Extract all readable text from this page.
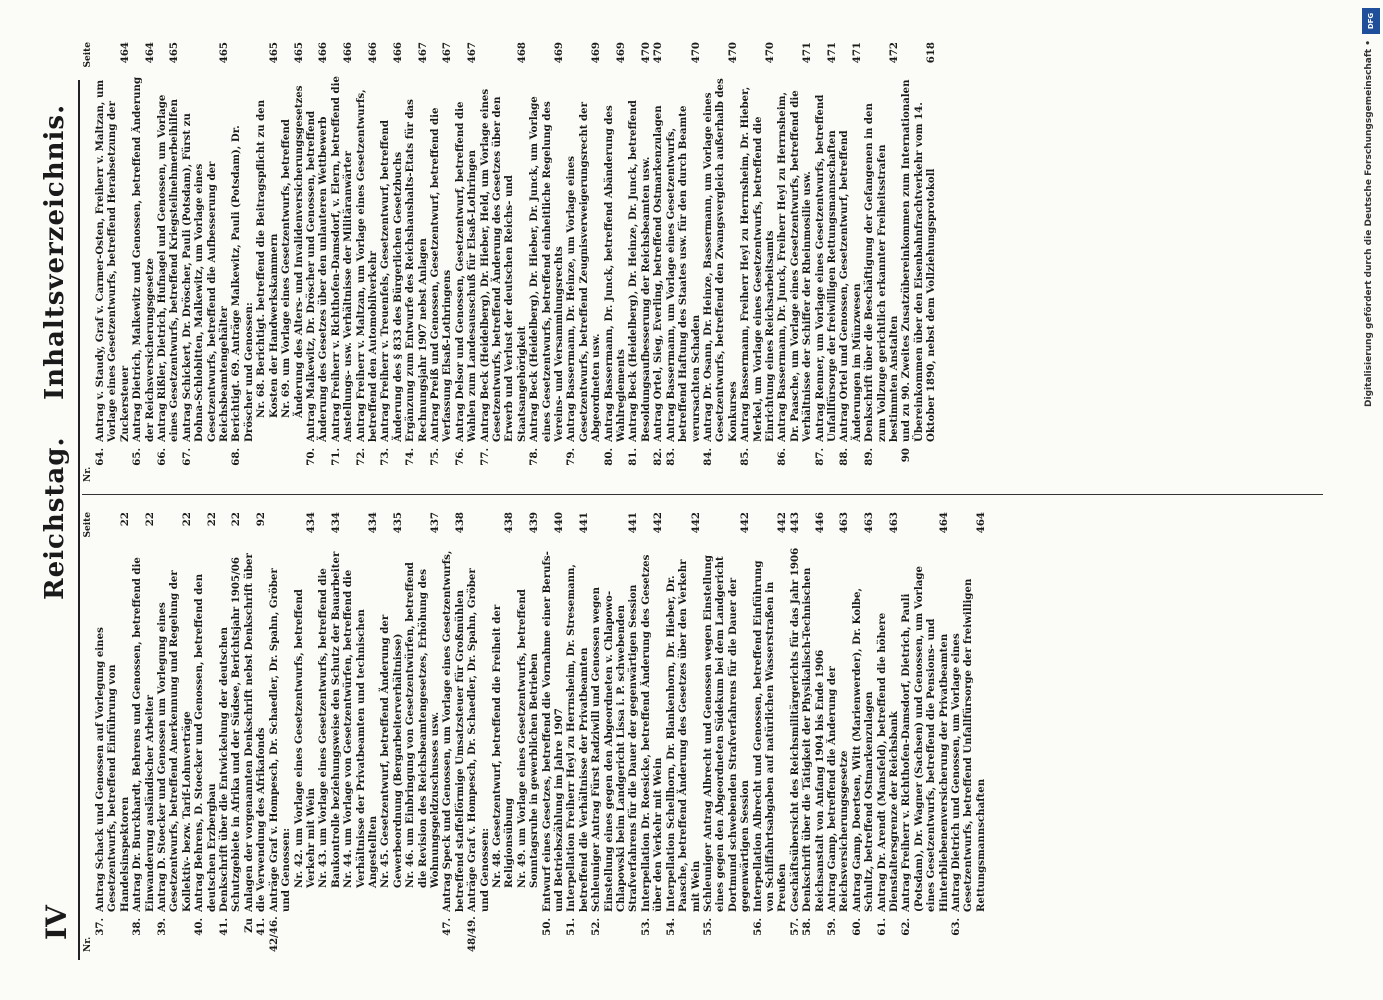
IV
Reichstag.
Inhaltsverzeichnis.
Nr.
Seite
37.
Antrag Schack und Genossen auf Vorlegung eines Gesetzentwurfs, betreffend Einführung von Handelsinspektoren
22
38.
Antrag Dr. Burckhardt, Behrens und Genossen, betreffend die Einwanderung ausländischer Arbeiter
22
39.
Antrag D. Stoecker und Genossen um Vorlegung eines Gesetzentwurfs, betreffend Anerkennung und Regelung der Kollektiv- bezw. Tarif-Lohnverträge
22
40.
Antrag Behrens, D. Stoecker und Genossen, betreffend den deutschen Erzbergbau
22
41.
Denkschrift über die Entwickelung der deutschen Schutzgebiete in Afrika und der Südsee, Berichtsjahr 1905/06
22
Zu 41.
Anlagen der vorgenannten Denkschrift nebst Denkschrift über die Verwendung des Afrikafonds
92
42/46.
Anträge Graf v. Hompesch, Dr. Schaedler, Dr. Spahn, Gröber und Genossen: Nr. 42. um Vorlage eines Gesetzentwurfs, betreffend Verkehr mit Wein
434
Nr. 43. um Vorlage eines Gesetzentwurfs, betreffend die Baukontrolle beziehungsweise den Schutz der Bauarbeiter
434
Nr. 44. um Vorlage von Gesetzentwürfen, betreffend die Verhältnisse der Privatbeamten und technischen Angestellten
434
Nr. 45. Gesetzentwurf, betreffend Änderung der Gewerbeordnung (Bergarbeiterverhältnisse)
435
Nr. 46. um Einbringung von Gesetzentwürfen, betreffend die Revision des Reichsbeamtengesetzes, Erhöhung des Wohnungsgeldzuschusses usw.
437
47.
Antrag Speck und Genossen, um Vorlage eines Gesetzentwurfs, betreffend staffelförmige Umsatzsteuer für Großmühlen
438
48/49.
Anträge Graf v. Hompesch, Dr. Schaedler, Dr. Spahn, Gröber und Genossen: Nr. 48. Gesetzentwurf, betreffend die Freiheit der Religionsübung
438
Nr. 49. um Vorlage eines Gesetzentwurfs, betreffend Sonntagsruhe in gewerblichen Betrieben
439
50.
Entwurf eines Gesetzes, betreffend die Vornahme einer Berufs- und Betriebszählung im Jahre 1907
440
51.
Interpellation Freiherr Heyl zu Herrnsheim, Dr. Stresemann, betreffend die Verhältnisse der Privatbeamten
441
52.
Schleuniger Antrag Fürst Radziwill und Genossen wegen Einstellung eines gegen den Abgeordneten v. Chlapowo-Chlapowski beim Landgericht Lissa i. P. schwebenden Strafverfahrens für die Dauer der gegenwärtigen Session
441
53.
Interpellation Dr. Roesicke, betreffend Änderung des Gesetzes über den Verkehr mit Wein
442
54.
Interpellation Schellhorn, Dr. Blankenhorn, Dr. Hieber, Dr. Paasche, betreffend Änderung des Gesetzes über den Verkehr mit Wein
442
55.
Schleuniger Antrag Albrecht und Genossen wegen Einstellung eines gegen den Abgeordneten Südekum bei dem Landgericht Dortmund schwebenden Strafverfahrens für die Dauer der gegenwärtigen Session
442
56.
Interpellation Albrecht und Genossen, betreffend Einführung von Schiffahrtsabgaben auf natürlichen Wasserstraßen in Preußen
442
57.
Geschäftsübersicht des Reichsmilitärgerichts für das Jahr 1906
443
58.
Denkschrift über die Tätigkeit der Physikalisch-Technischen Reichsanstalt von Anfang 1904 bis Ende 1906
446
59.
Antrag Gamp, betreffend die Änderung der Reichsversicherungsgesetze
463
60.
Antrag Gamp, Doertsen, Witt (Marienwerder), Dr. Kolbe, Schultz, betreffend Ostmarkenzulagen
463
61.
Antrag Dr. Arendt (Mansfeld), betreffend die höhere Dienstaltersgrenze der Reichsbank
463
62.
Antrag Freiherr v. Richthofen-Damsdorf, Dietrich, Pauli (Potsdam), Dr. Wagner (Sachsen) und Genossen, um Vorlage eines Gesetzentwurfs, betreffend die Pensions- und Hinterbliebenenversicherung der Privatbeamten
464
63.
Antrag Dietrich und Genossen, um Vorlage eines Gesetzentwurfs, betreffend Unfallfürsorge der freiwilligen Rettungsmannschaften
464
Nr.
Seite
64.
Antrag v. Staudy, Graf v. Carmer-Osten, Freiherr v. Maltzan, um Vorlage eines Gesetzentwurfs, betreffend Herabsetzung der Zuckersteuer
464
65.
Antrag Dietrich, Malkewitz und Genossen, betreffend Änderung der Reichsversicherungsgesetze
464
66.
Antrag Rißler, Dietrich, Hufnagel und Genossen, um Vorlage eines Gesetzentwurfs, betreffend Kriegsteilnehmerbeihilfen
465
67.
Antrag Schickert, Dr. Dröscher, Pauli (Potsdam), Fürst zu Dohna-Schlobitten, Malkewitz, um Vorlage eines Gesetzentwurfs, betreffend die Aufbesserung der Reichsbeamtengehälter
465
68.
Berichtigt. 69. Anträge Malkewitz, Pauli (Potsdam), Dr. Dröscher und Genossen: Nr. 68. Berichtigt. betreffend die Beitragspflicht zu den Kosten der Handwerkskammern
465
Nr. 69. um Vorlage eines Gesetzentwurfs, betreffend Änderung des Alters- und Invalidenversicherungsgesetzes
465
70.
Antrag Malkewitz, Dr. Dröscher und Genossen, betreffend Änderung des Gesetzes über den unlauteren Wettbewerb
466
71.
Antrag Freiherr v. Richthofen-Damsdorf, v. Elern, betreffend die Anstellungs- usw. Verhältnisse der Militäranwärter
466
72.
Antrag Freiherr v. Maltzan, um Vorlage eines Gesetzentwurfs, betreffend den Automobilverkehr
466
73.
Antrag Freiherr v. Treuenfels, Gesetzentwurf, betreffend Änderung des § 833 des Bürgerlichen Gesetzbuchs
466
74.
Ergänzung zum Entwurfe des Reichshaushalts-Etats für das Rechnungsjahr 1907 nebst Anlagen
467
75.
Antrag Preiß und Genossen, Gesetzentwurf, betreffend die Verfassung Elsaß-Lothringens
467
76.
Antrag Delsor und Genossen, Gesetzentwurf, betreffend die Wahlen zum Landesausschuß für Elsaß-Lothringen
467
77.
Antrag Beck (Heidelberg), Dr. Hieber, Held, um Vorlage eines Gesetzentwurfs, betreffend Änderung des Gesetzes über den Erwerb und Verlust der deutschen Reichs- und Staatsangehörigkeit
468
78.
Antrag Beck (Heidelberg), Dr. Hieber, Dr. Junck, um Vorlage eines Gesetzentwurfs, betreffend einheitliche Regelung des Vereins- und Versammlungsrechts
469
79.
Antrag Bassermann, Dr. Heinze, um Vorlage eines Gesetzentwurfs, betreffend Zeugnisverweigerungsrecht der Abgeordneten usw.
469
80.
Antrag Bassermann, Dr. Junck, betreffend Abänderung des Wahlreglements
469
81.
Antrag Beck (Heidelberg), Dr. Heinze, Dr. Junck, betreffend Besoldungsaufbesserung der Reichsbeamten usw.
470
82.
Antrag Ortel, Sieg, Everling, betreffend Ostmarkenzulagen
470
83.
Antrag Bassermann, um Vorlage eines Gesetzentwurfs, betreffend Haftung des Staates usw. für den durch Beamte verursachten Schaden
470
84.
Antrag Dr. Osann, Dr. Heinze, Bassermann, um Vorlage eines Gesetzentwurfs, betreffend den Zwangsvergleich außerhalb des Konkurses
470
85.
Antrag Bassermann, Freiherr Heyl zu Herrnsheim, Dr. Hieber, Merkel, um Vorlage eines Gesetzentwurfs, betreffend die Einrichtung eines Reichsarbeitsamts
470
86.
Antrag Bassermann, Dr. Junck, Freiherr Heyl zu Herrnsheim, Dr. Paasche, um Vorlage eines Gesetzentwurfs, betreffend die Verhältnisse der Schiffer der Rheinmosilie usw.
471
87.
Antrag Renner, um Vorlage eines Gesetzentwurfs, betreffend Unfallfürsorge der freiwilligen Rettungsmannschaften
471
88.
Antrag Ortel und Genossen, Gesetzentwurf, betreffend Änderungen im Münzwesen
471
89.
Denkschrift über die Beschäftigung der Gefangenen in den zum Vollzuge gerichtlich erkannter Freiheitsstrafen bestimmten Anstalten
472
90
und zu 90. Zweites Zusatzübereinkommen zum Internationalen Übereinkommen über den Eisenbahnfrachtverkehr vom 14. Oktober 1890, nebst dem Vollziehungsprotokoll
618	Digitalisierung gefördert durch die Deutsche Forschungsgemeinschaft •
DFG
